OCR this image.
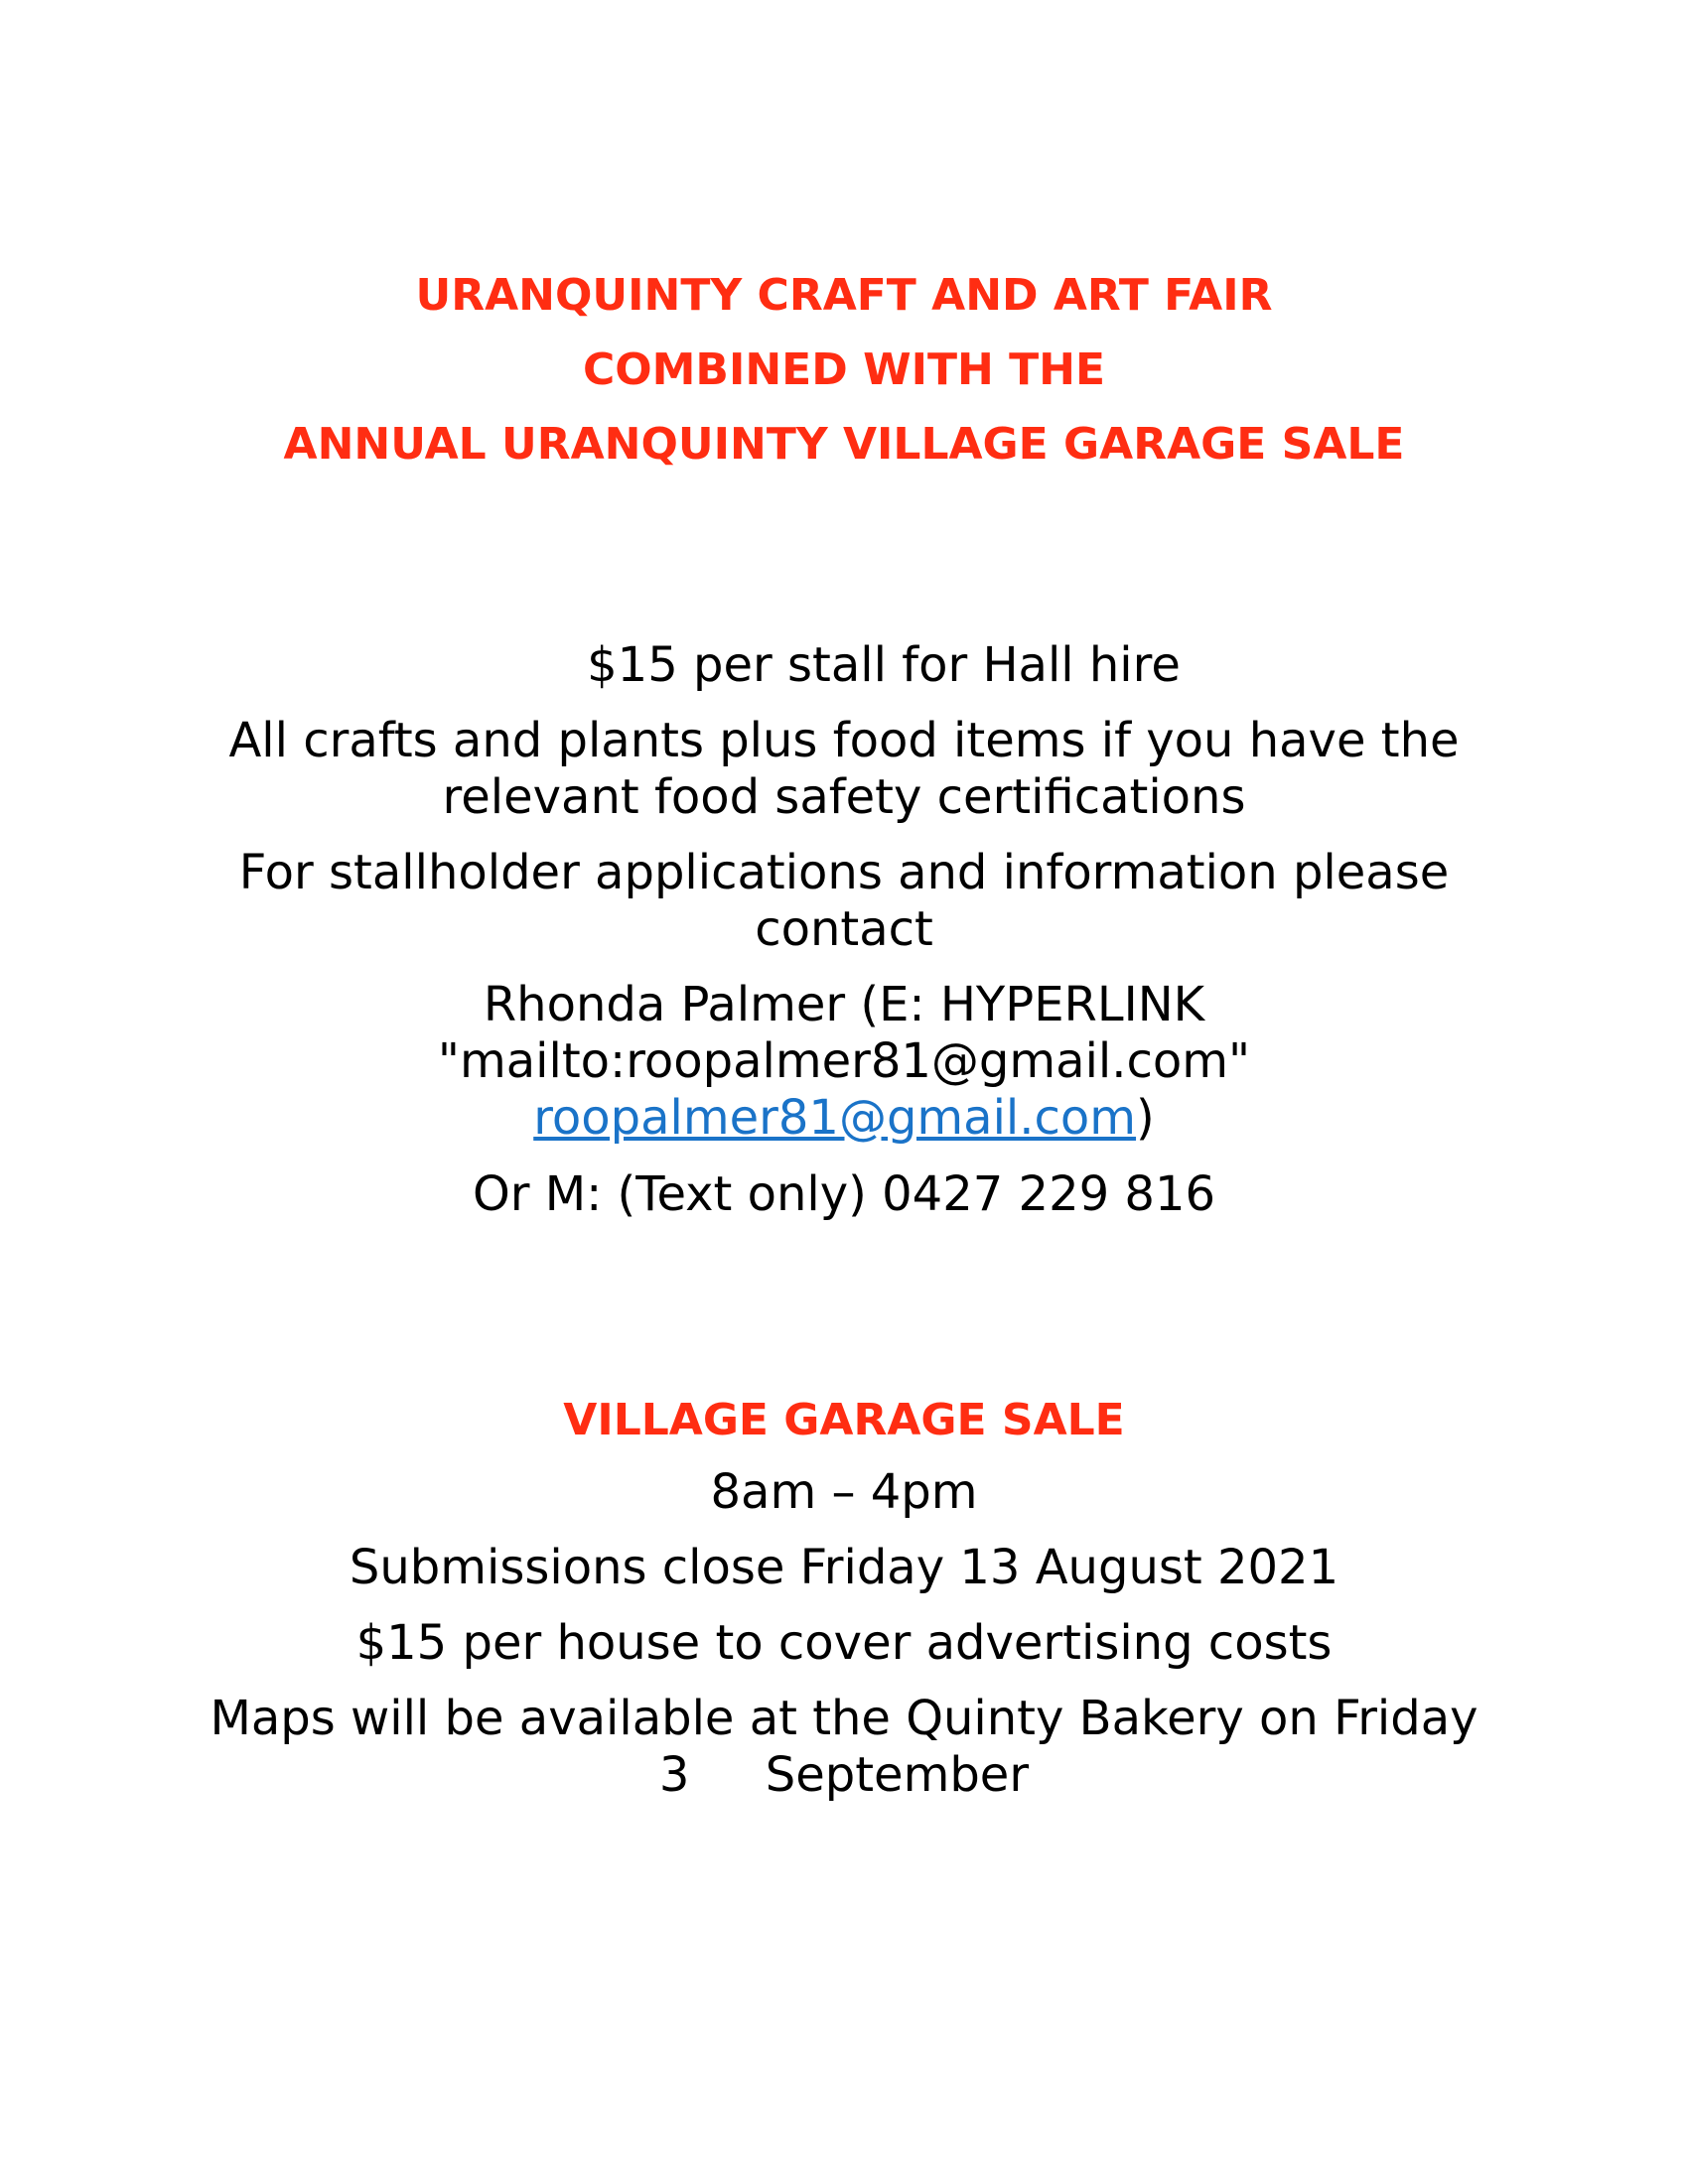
URANQUINTY CRAFT AND ART FAIR
COMBINED WITH THE
ANNUAL URANQUINTY VILLAGE GARAGE SALE
$15 per stall for Hall hire
All crafts and plants plus food items if you have the
relevant food safety certifications
For stallholder applications and information please
contact
Rhonda Palmer (E: HYPERLINK
"mailto:roopalmer81@gmail.com"
roopalmer81@gmail.com)
Or M: (Text only) 0427 229 816
VILLAGE GARAGE SALE
8am – 4pm
Submissions close Friday 13 August 2021
$15 per house to cover advertising costs
Maps will be available at the Quinty Bakery on Friday
3     September
